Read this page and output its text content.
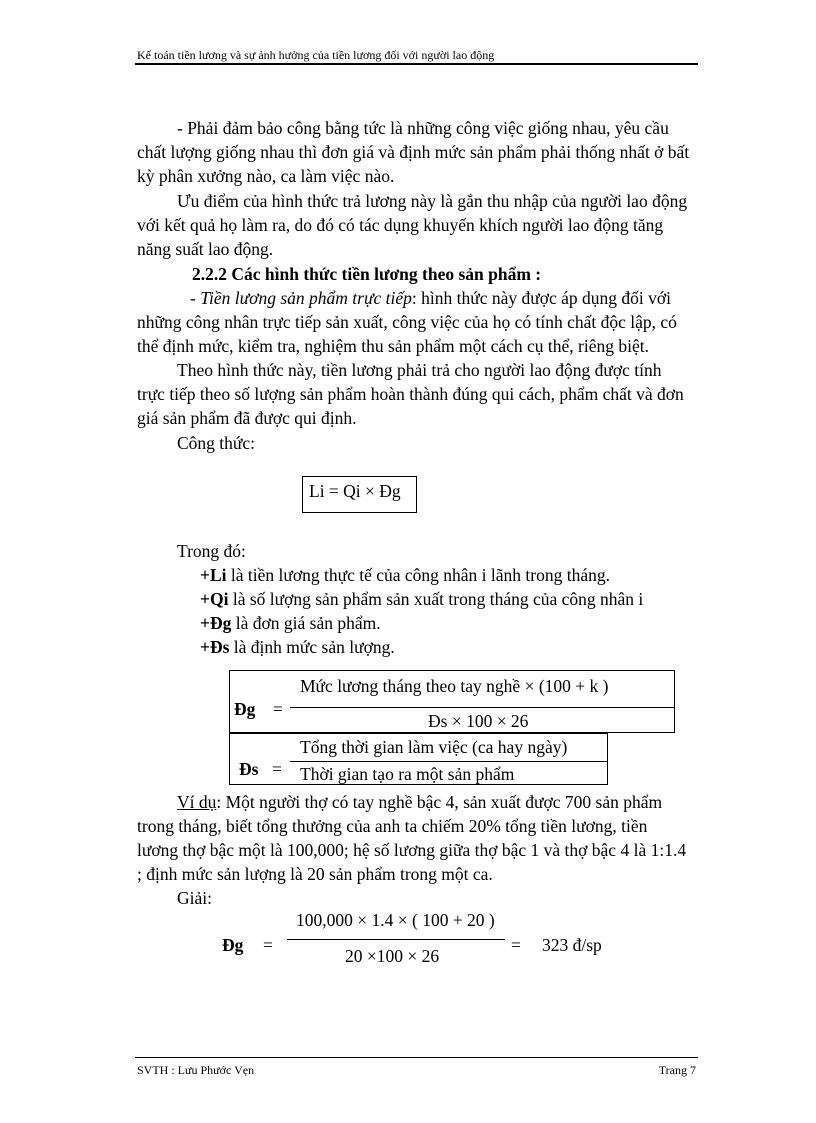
Kế toán tiền lương và sự ảnh hưởng của tiền lương đối với người lao động
- Phải đảm bảo công bằng tức là những công việc giống nhau, yêu cầu
chất lượng giống nhau thì đơn giá và định mức sản phẩm phải thống nhất ở bất
kỳ phân xưởng nào, ca làm việc nào.
Ưu điểm của hình thức trả lương này là gắn thu nhập của người lao động
với kết quả họ làm ra, do đó có tác dụng khuyến khích người lao động tăng
năng suất lao động.
2.2.2 Các hình thức tiền lương theo sản phẩm :
- Tiền lương sản phẩm trực tiếp: hình thức này được áp dụng đối với
những công nhân trực tiếp sản xuất, công việc của họ có tính chất độc lập, có
thể định mức, kiểm tra, nghiệm thu sản phẩm một cách cụ thể, riêng biệt.
Theo hình thức này, tiền lương phải trả cho người lao động được tính
trực tiếp theo số lượng sản phẩm hoàn thành đúng qui cách, phẩm chất và đơn
giá sản phẩm đã được qui định.
Công thức:
Li = Qi × Đg
Trong đó:
+Li là tiền lương thực tế của công nhân i lãnh trong tháng.
+Qi là số lượng sản phẩm sản xuất trong tháng của công nhân i
+Đg là đơn giá sản phẩm.
+Đs là định mức sản lượng.
Đg =
Mức lương tháng theo tay nghề × (100 + k )
Đs × 100 × 26
Đs =
Tổng thời gian làm việc (ca hay ngày)
Thời gian tạo ra một sản phẩm
Ví dụ: Một người thợ có tay nghề bậc 4, sản xuất được 700 sản phẩm
trong tháng, biết tổng thưởng của anh ta chiếm 20% tổng tiền lương, tiền
lương thợ bậc một là 100,000; hệ số lương giữa thợ bậc 1 và thợ bậc 4 là 1:1.4
; định mức sản lượng là 20 sản phẩm trong một ca.
Giải:
Đg =
100,000 × 1.4 × ( 100 + 20 )
20 ×100 × 26
= 323 đ/sp
SVTH : Lưu Phước Vẹn	Trang 7
